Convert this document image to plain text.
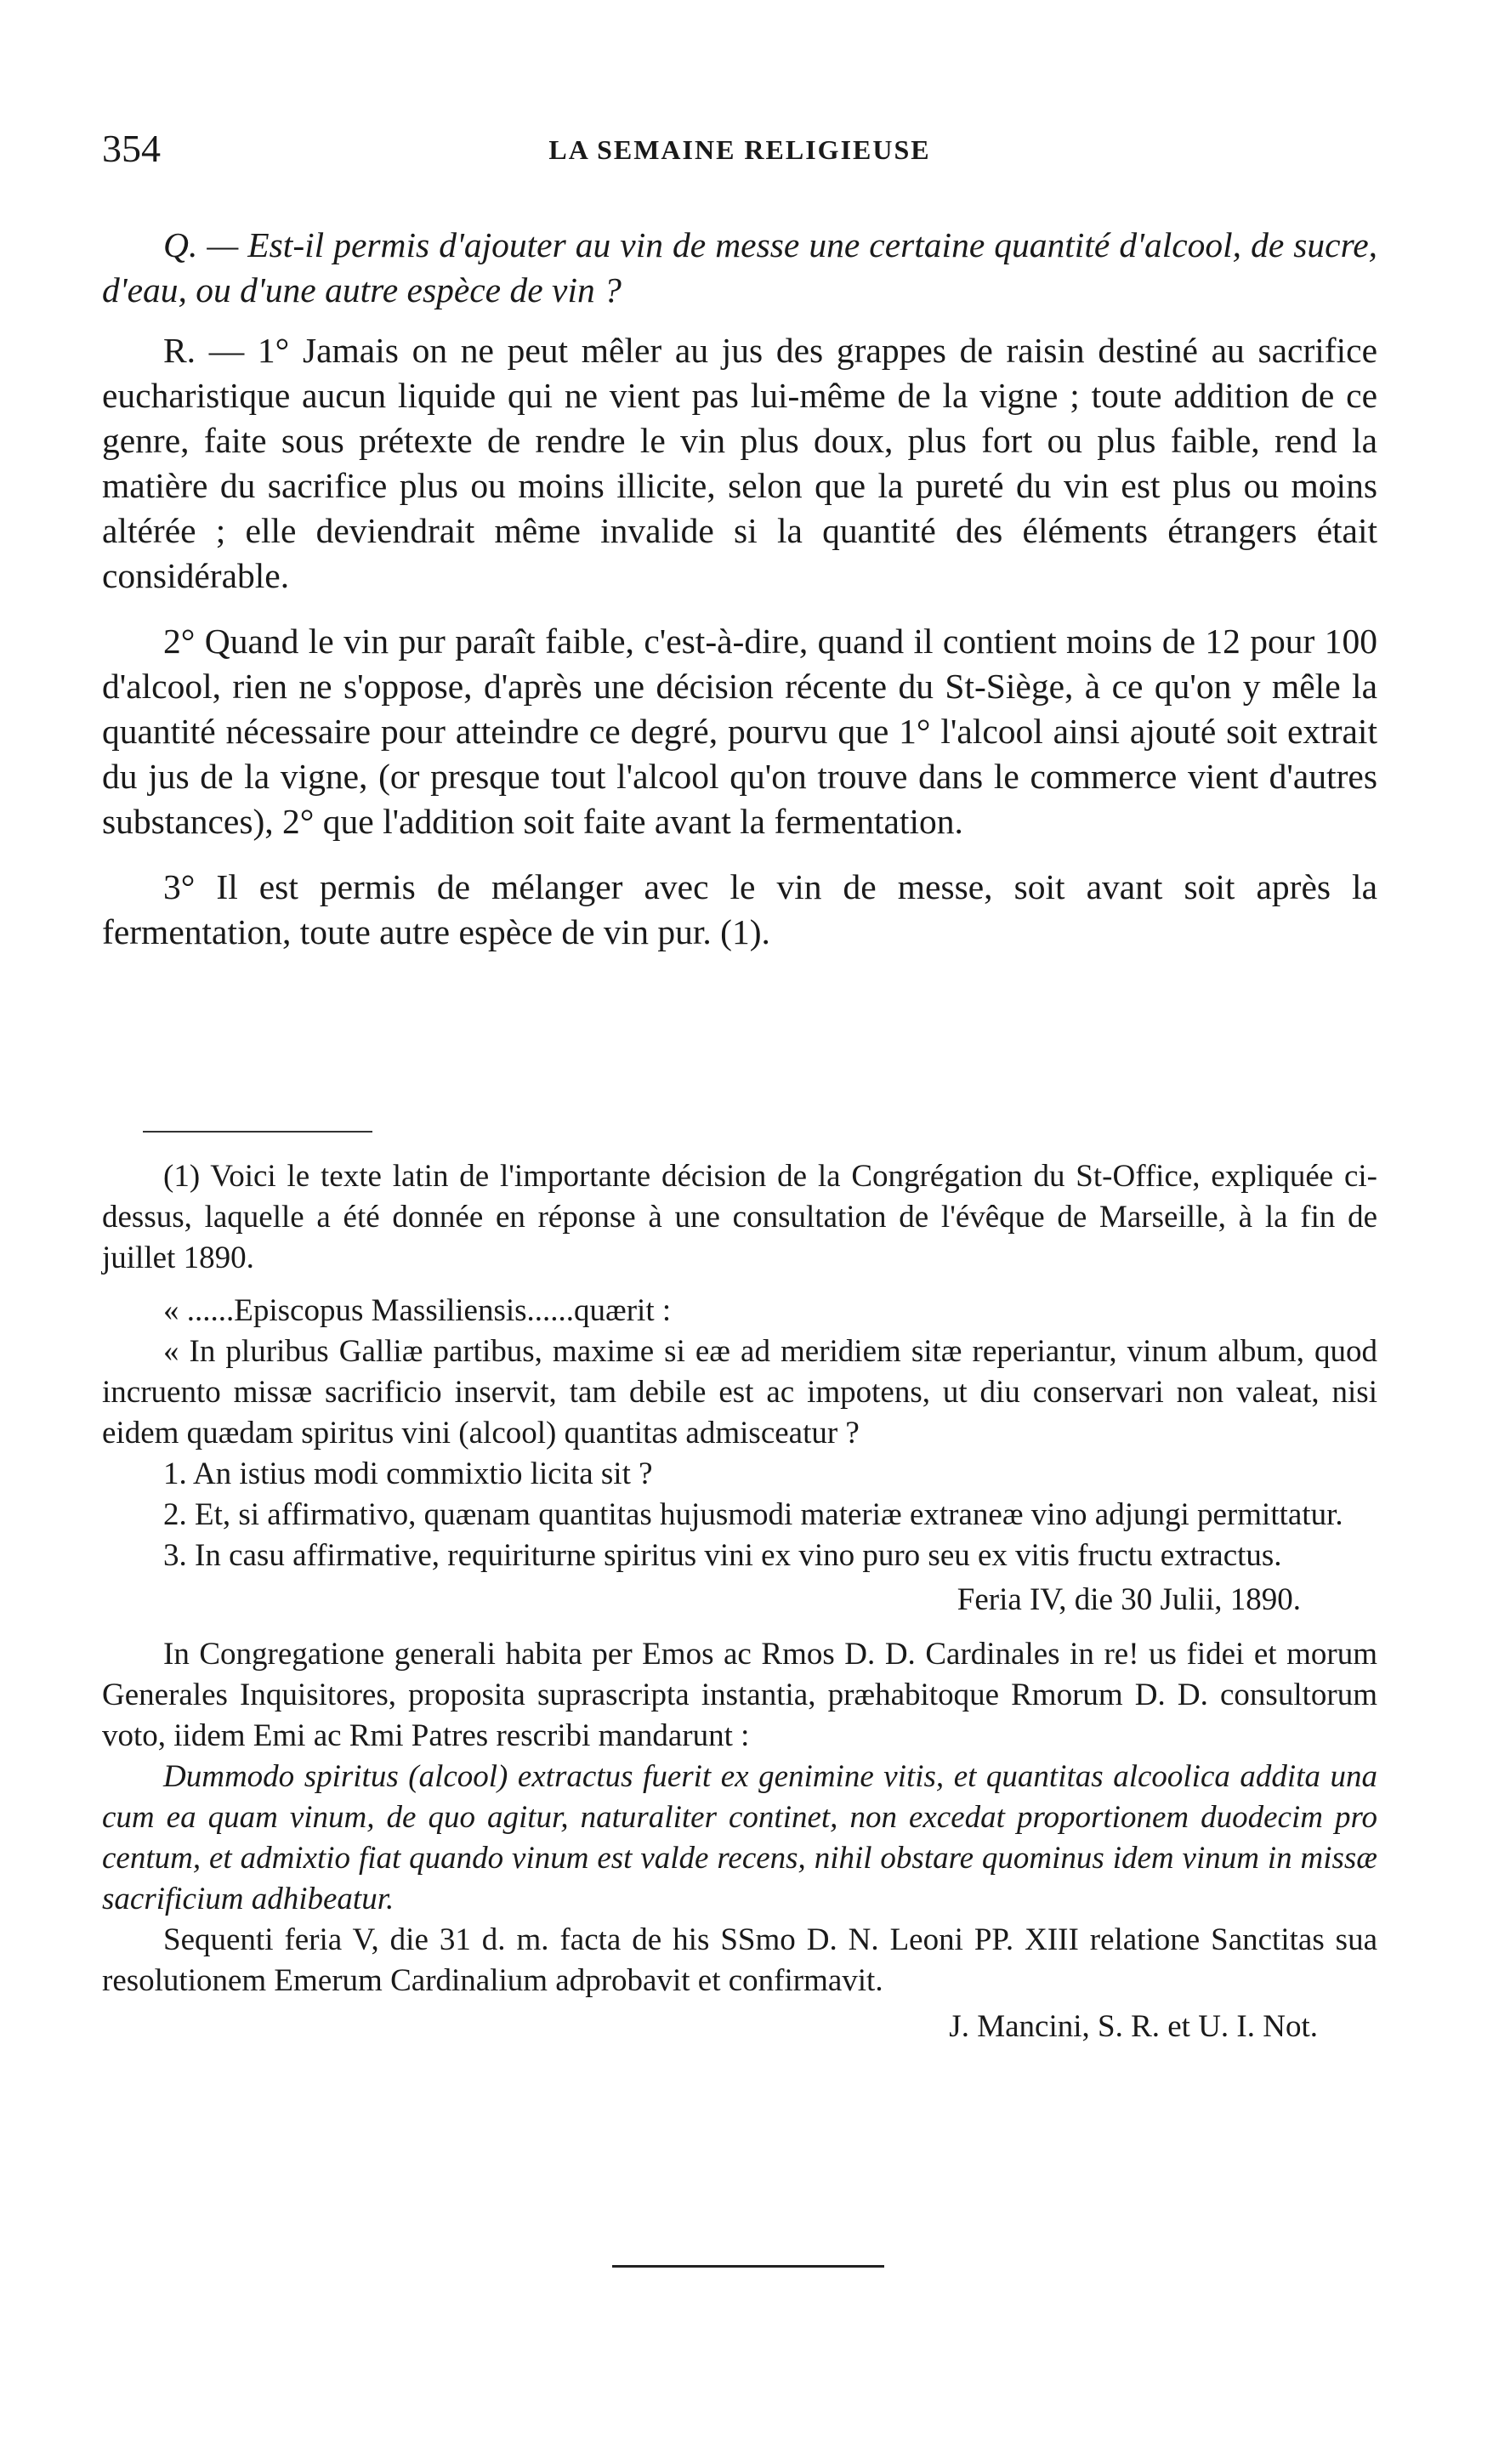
354	LA SEMAINE RELIGIEUSE

Q. — Est-il permis d'ajouter au vin de messe une certaine quantité d'alcool, de sucre, d'eau, ou d'une autre espèce de vin ?

R. — 1° Jamais on ne peut mêler au jus des grappes de raisin destiné au sacrifice eucharistique aucun liquide qui ne vient pas lui-même de la vigne ; toute addition de ce genre, faite sous prétexte de rendre le vin plus doux, plus fort ou plus faible, rend la matière du sacrifice plus ou moins illicite, selon que la pureté du vin est plus ou moins altérée ; elle deviendrait même invalide si la quantité des éléments étrangers était considérable.

2° Quand le vin pur paraît faible, c'est-à-dire, quand il contient moins de 12 pour 100 d'alcool, rien ne s'oppose, d'après une décision récente du St-Siège, à ce qu'on y mêle la quantité nécessaire pour atteindre ce degré, pourvu que 1° l'alcool ainsi ajouté soit extrait du jus de la vigne, (or presque tout l'alcool qu'on trouve dans le commerce vient d'autres substances), 2° que l'addition soit faite avant la fermentation.

3° Il est permis de mélanger avec le vin de messe, soit avant soit après la fermentation, toute autre espèce de vin pur. (1).

(1) Voici le texte latin de l'importante décision de la Congrégation du St-Office, expliquée ci-dessus, laquelle a été donnée en réponse à une consultation de l'évêque de Marseille, à la fin de juillet 1890.

« ......Episcopus Massiliensis......quærit :

« In pluribus Galliæ partibus, maxime si eæ ad meridiem sitæ reperiantur, vinum album, quod incruento missæ sacrificio inservit, tam debile est ac impotens, ut diu conservari non valeat, nisi eidem quædam spiritus vini (alcool) quantitas admisceatur ?

1. An istius modi commixtio licita sit ?

2. Et, si affirmativo, quænam quantitas hujusmodi materiæ extraneæ vino adjungi permittatur.

3. In casu affirmative, requiriturne spiritus vini ex vino puro seu ex vitis fructu extractus.

Feria IV, die 30 Julii, 1890.

In Congregatione generali habita per Emos ac Rmos D. D. Cardinales in re! us fidei et morum Generales Inquisitores, proposita suprascripta instantia, præhabitoque Rmorum D. D. consultorum voto, iidem Emi ac Rmi Patres rescribi mandarunt :

Dummodo spiritus (alcool) extractus fuerit ex genimine vitis, et quantitas alcoolica addita una cum ea quam vinum, de quo agitur, naturaliter continet, non excedat proportionem duodecim pro centum, et admixtio fiat quando vinum est valde recens, nihil obstare quominus idem vinum in missæ sacrificium adhibeatur.

Sequenti feria V, die 31 d. m. facta de his SSmo D. N. Leoni PP. XIII relatione Sanctitas sua resolutionem Emerum Cardinalium adprobavit et confirmavit.

J. Mancini, S. R. et U. I. Not.
